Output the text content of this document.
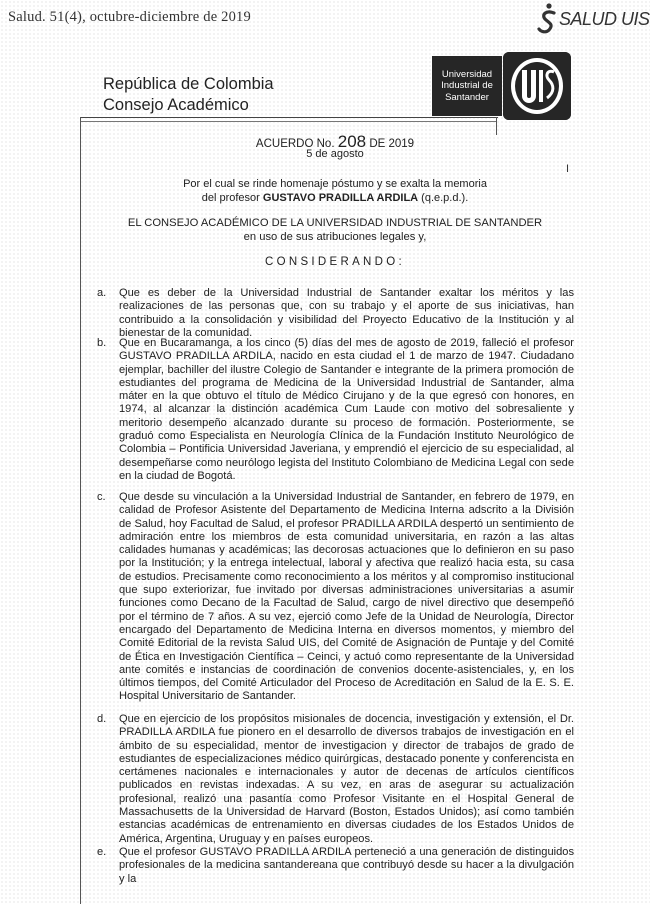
Salud. 51(4), octubre-diciembre de 2019	SALUD UIS
República de Colombia
Consejo Académico
Universidad
Industrial de
Santander
I
ACUERDO No. 208 DE 2019
5 de agosto
Por el cual se rinde homenaje póstumo y se exalta la memoria
del profesor GUSTAVO PRADILLA ARDILA (q.e.p.d.).
EL CONSEJO ACADÉMICO DE LA UNIVERSIDAD INDUSTRIAL DE SANTANDER
en uso de sus atribuciones legales y,
CONSIDERANDO:
a.	Que es deber de la Universidad Industrial de Santander exaltar los méritos y las realizaciones de las personas que, con su trabajo y el aporte de sus iniciativas, han contribuido a la consolidación y visibilidad del Proyecto Educativo de la Institución y al bienestar de la comunidad.
b.	Que en Bucaramanga, a los cinco (5) días del mes de agosto de 2019, falleció el profesor GUSTAVO PRADILLA ARDILA, nacido en esta ciudad el 1 de marzo de 1947. Ciudadano ejemplar, bachiller del ilustre Colegio de Santander e integrante de la primera promoción de estudiantes del programa de Medicina de la Universidad Industrial de Santander, alma máter en la que obtuvo el título de Médico Cirujano y de la que egresó con honores, en 1974, al alcanzar la distinción académica Cum Laude con motivo del sobresaliente y meritorio desempeño alcanzado durante su proceso de formación. Posteriormente, se graduó como Especialista en Neurología Clínica de la Fundación Instituto Neurológico de Colombia – Pontificia Universidad Javeriana, y emprendió el ejercicio de su especialidad, al desempeñarse como neurólogo legista del Instituto Colombiano de Medicina Legal con sede en la ciudad de Bogotá.
c.	Que desde su vinculación a la Universidad Industrial de Santander, en febrero de 1979, en calidad de Profesor Asistente del Departamento de Medicina Interna adscrito a la División de Salud, hoy Facultad de Salud, el profesor PRADILLA ARDILA despertó un sentimiento de admiración entre los miembros de esta comunidad universitaria, en razón a las altas calidades humanas y académicas; las decorosas actuaciones que lo definieron en su paso por la Institución; y la entrega intelectual, laboral y afectiva que realizó hacia esta, su casa de estudios. Precisamente como reconocimiento a los méritos y al compromiso institucional que supo exteriorizar, fue invitado por diversas administraciones universitarias a asumir funciones como Decano de la Facultad de Salud, cargo de nivel directivo que desempeñó por el término de 7 años. A su vez, ejerció como Jefe de la Unidad de Neurología, Director encargado del Departamento de Medicina Interna en diversos momentos, y miembro del Comité Editorial de la revista Salud UIS, del Comité de Asignación de Puntaje y del Comité de Ética en Investigación Científica – Ceinci, y actuó como representante de la Universidad ante comités e instancias de coordinación de convenios docente-asistenciales, y, en los últimos tiempos, del Comité Articulador del Proceso de Acreditación en Salud de la E. S. E. Hospital Universitario de Santander.
d.	Que en ejercicio de los propósitos misionales de docencia, investigación y extensión, el Dr. PRADILLA ARDILA fue pionero en el desarrollo de diversos trabajos de investigación en el ámbito de su especialidad, mentor de investigacion y director de trabajos de grado de estudiantes de especializaciones médico quirúrgicas, destacado ponente y conferencista en certámenes nacionales e internacionales y autor de decenas de artículos científicos publicados en revistas indexadas. A su vez, en aras de asegurar su actualización profesional, realizó una pasantía como Profesor Visitante en el Hospital General de Massachusetts de la Universidad de Harvard (Boston, Estados Unidos); así como también estancias académicas de entrenamiento en diversas ciudades de los Estados Unidos de América, Argentina, Uruguay y en países europeos.
e.	Que el profesor GUSTAVO PRADILLA ARDILA perteneció a una generación de distinguidos profesionales de la medicina santandereana que contribuyó desde su hacer a la divulgación y la
